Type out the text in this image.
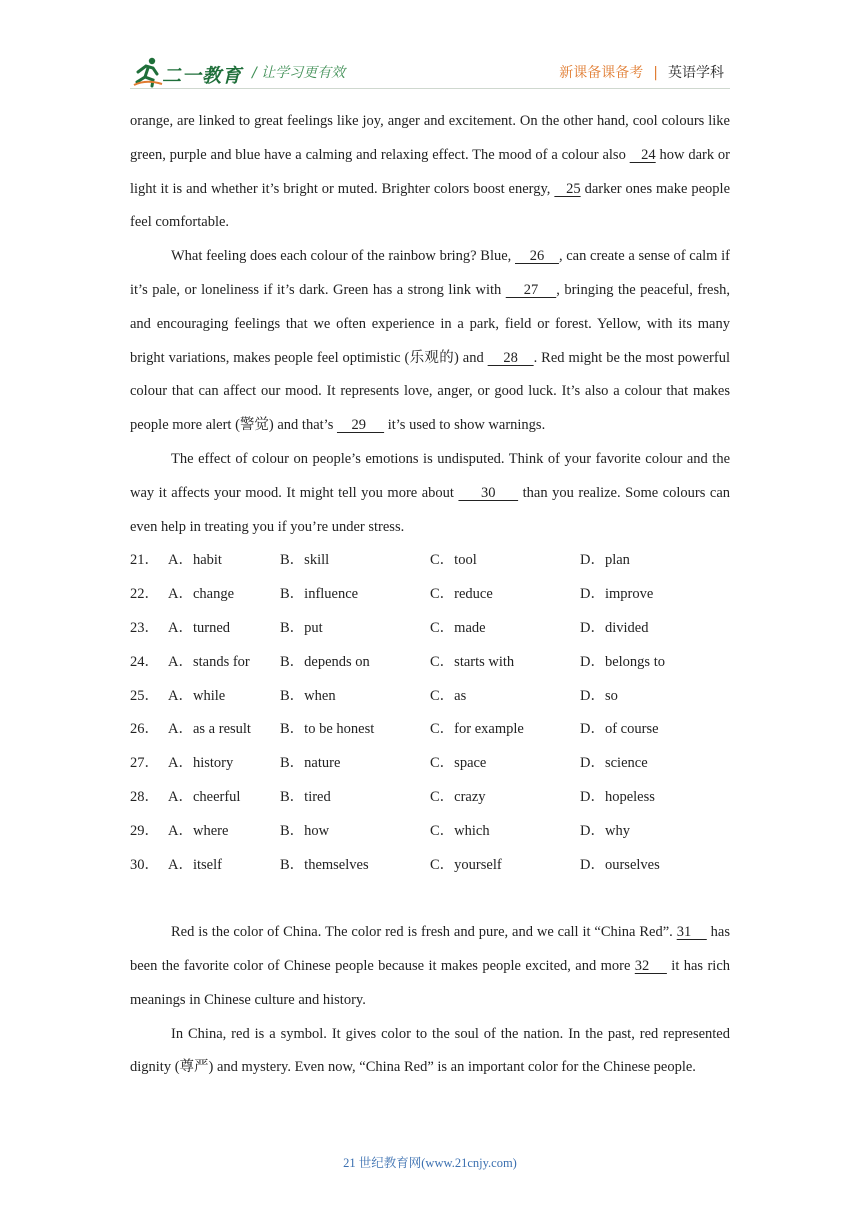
二一教育 / 让学习更有效	新课备课备考 | 英语学科

orange, are linked to great feelings like joy, anger and excitement. On the other hand, cool colours like green, purple and blue have a calming and relaxing effect. The mood of a colour also    24 how dark or light it is and whether it’s bright or muted. Brighter colors boost energy,    25 darker ones make people feel comfortable.

What feeling does each colour of the rainbow bring? Blue,     26    , can create a sense of calm if it’s pale, or loneliness if it’s dark. Green has a strong link with     27    , bringing the peaceful, fresh, and encouraging feelings that we often experience in a park, field or forest. Yellow, with its many bright variations, makes people feel optimistic (乐观的) and     28    . Red might be the most powerful colour that can affect our mood. It represents love, anger, or good luck. It’s also a colour that makes people more alert (警觉) and that’s     29      it’s used to show warnings.

The effect of colour on people’s emotions is undisputed. Think of your favorite colour and the way it affects your mood. It might tell you more about      30      than you realize. Some colours can even help in treating you if you’re under stress.

21． A．habit	B．skill	C．tool	D．plan
22． A．change	B．influence	C．reduce	D．improve
23． A．turned	B．put	C．made	D．divided
24． A．stands for	B．depends on	C．starts with	D．belongs to
25． A．while	B．when	C．as	D．so
26． A．as a result	B．to be honest	C．for example	D．of course
27． A．history	B．nature	C．space	D．science
28． A．cheerful	B．tired	C．crazy	D．hopeless
29． A．where	B．how	C．which	D．why
30． A．itself	B．themselves	C．yourself	D．ourselves

Red is the color of China. The color red is fresh and pure, and we call it “China Red”. 31     has been the favorite color of Chinese people because it makes people excited, and more 32     it has rich meanings in Chinese culture and history.

In China, red is a symbol. It gives color to the soul of the nation. In the past, red represented dignity (尊严) and mystery. Even now, “China Red” is an important color for the Chinese people.

21 世纪教育网(www.21cnjy.com)
